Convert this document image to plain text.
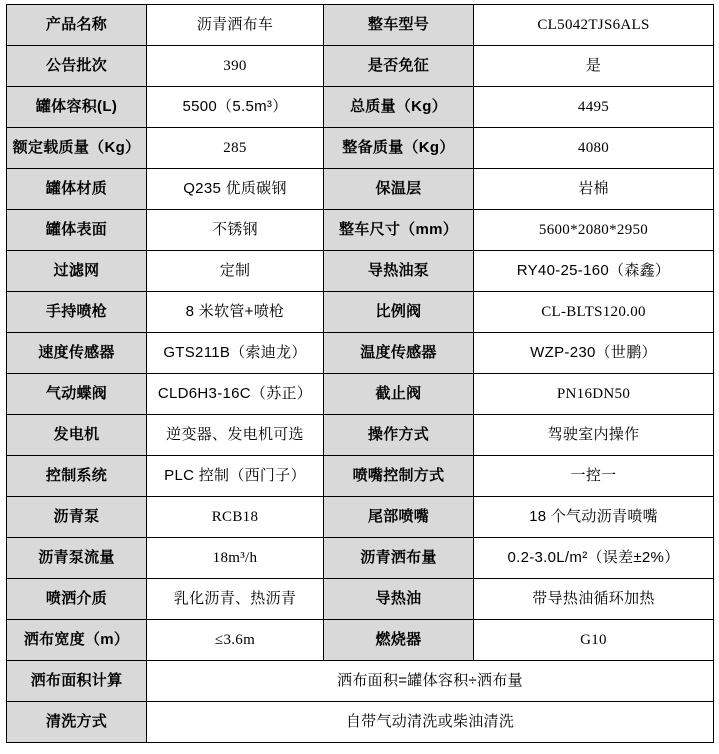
产品名称	沥青洒布车	整车型号	CL5042TJS6ALS
公告批次	390	是否免征	是
罐体容积(L)	5500（5.5m³）	总质量（Kg）	4495
额定载质量（Kg）	285	整备质量（Kg）	4080
罐体材质	Q235 优质碳钢	保温层	岩棉
罐体表面	不锈钢	整车尺寸（mm）	5600*2080*2950
过滤网	定制	导热油泵	RY40-25-160（森鑫）
手持喷枪	8 米软管+喷枪	比例阀	CL-BLTS120.00
速度传感器	GTS211B（索迪龙）	温度传感器	WZP-230（世鹏）
气动蝶阀	CLD6H3-16C（苏正）	截止阀	PN16DN50
发电机	逆变器、发电机可选	操作方式	驾驶室内操作
控制系统	PLC 控制（西门子）	喷嘴控制方式	一控一
沥青泵	RCB18	尾部喷嘴	18 个气动沥青喷嘴
沥青泵流量	18m³/h	沥青洒布量	0.2-3.0L/m²（误差±2%）
喷洒介质	乳化沥青、热沥青	导热油	带导热油循环加热
洒布宽度（m）	≤3.6m	燃烧器	G10
洒布面积计算	洒布面积=罐体容积÷洒布量		
清洗方式	自带气动清洗或柴油清洗		
